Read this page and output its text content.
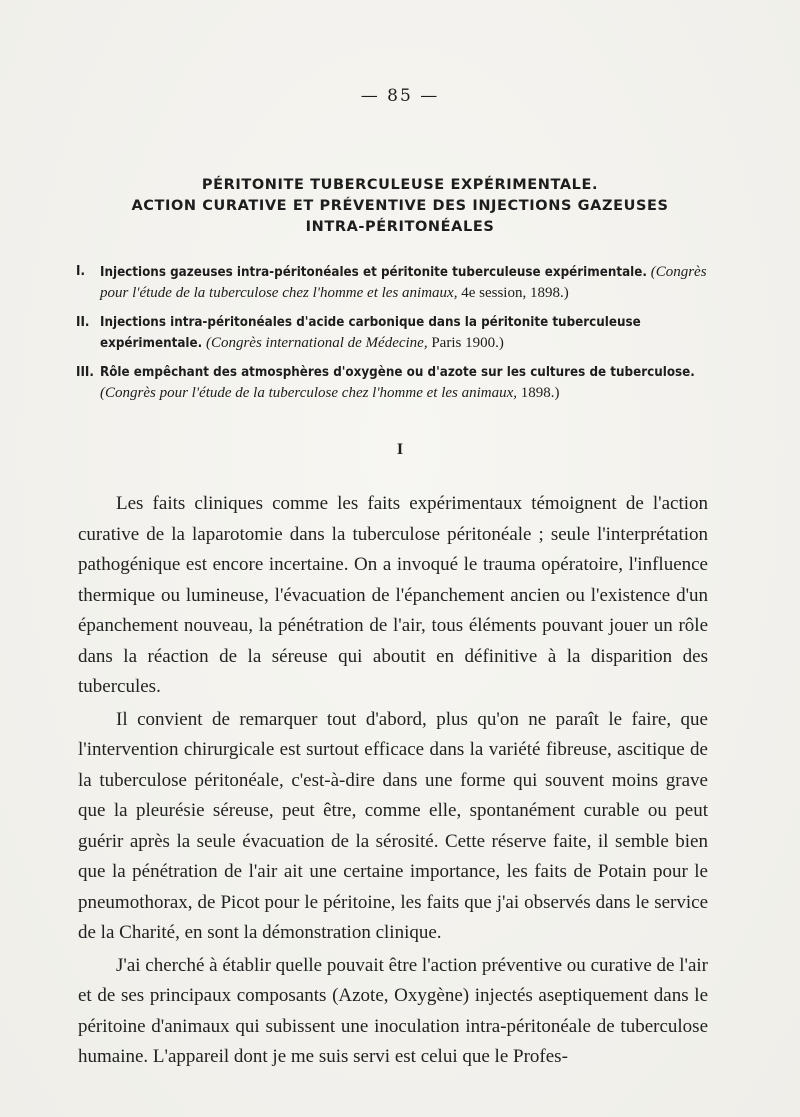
— 85 —
PÉRITONITE TUBERCULEUSE EXPÉRIMENTALE.
ACTION CURATIVE ET PRÉVENTIVE DES INJECTIONS GAZEUSES
INTRA-PÉRITONÉALES
I.	Injections gazeuses intra-péritonéales et péritonite tuberculeuse expérimentale. (Congrès pour l'étude de la tuberculose chez l'homme et les animaux, 4e session, 1898.)
II. Injections intra-péritonéales d'acide carbonique dans la péritonite tuberculeuse expérimentale. (Congrès international de Médecine, Paris 1900.)
III. Rôle empêchant des atmosphères d'oxygène ou d'azote sur les cultures de tuberculose. (Congrès pour l'étude de la tuberculose chez l'homme et les animaux, 1898.)
I

Les faits cliniques comme les faits expérimentaux témoignent de l'action curative de la laparotomie dans la tuberculose péritonéale ; seule l'interprétation pathogénique est encore incertaine. On a invoqué le trauma opératoire, l'influence thermique ou lumineuse, l'évacuation de l'épanchement ancien ou l'existence d'un épanchement nouveau, la pénétration de l'air, tous éléments pouvant jouer un rôle dans la réaction de la séreuse qui aboutit en définitive à la disparition des tubercules.

Il convient de remarquer tout d'abord, plus qu'on ne paraît le faire, que l'intervention chirurgicale est surtout efficace dans la variété fibreuse, ascitique de la tuberculose péritonéale, c'est-à-dire dans une forme qui souvent moins grave que la pleurésie séreuse, peut être, comme elle, spontanément curable ou peut guérir après la seule évacuation de la sérosité. Cette réserve faite, il semble bien que la pénétration de l'air ait une certaine importance, les faits de Potain pour le pneumothorax, de Picot pour le péritoine, les faits que j'ai observés dans le service de la Charité, en sont la démonstration clinique.

J'ai cherché à établir quelle pouvait être l'action préventive ou curative de l'air et de ses principaux composants (Azote, Oxygène) injectés aseptiquement dans le péritoine d'animaux qui subissent une inoculation intra-péritonéale de tuberculose humaine. L'appareil dont je me suis servi est celui que le Profes-
